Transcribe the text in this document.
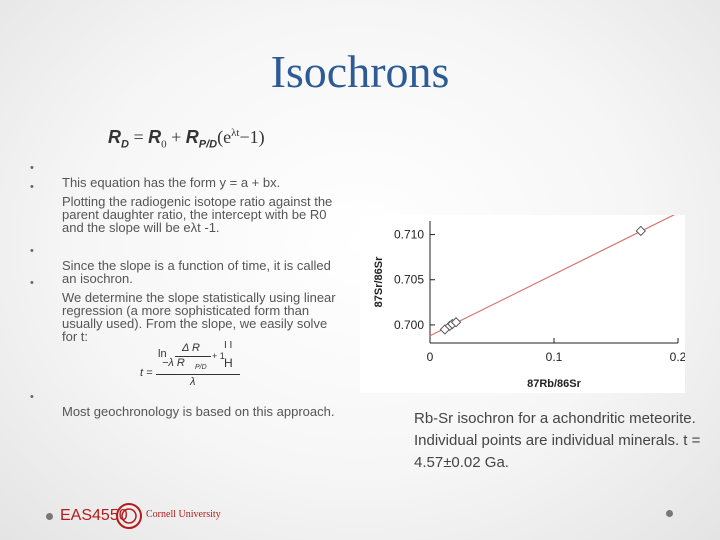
Isochrons
$R_D = R_0 + R_{P/D}(e^{\lambda t}-1)$
•
This equation has the form y = a + bx.
•
Plotting the radiogenic isotope ratio against the parent daughter ratio, the intercept with be R0 and the slope will be eλt -1.
•
Since the slope is a function of time, it is called an isochron.
•
We determine the slope statistically using linear regression (a more sophisticated form than usually used). From the slope, we easily solve for t:
•
Most geochronology is based on this approach.
ln Δ R
−λ R P/D
+ 1 H
I I
t =
λ
0.700
0.705
0.710
0	0.1	0.2
87Rb/86Sr
87Sr/86Sr
Rb-Sr isochron for a achondritic meteorite. Individual points are individual minerals. t = 4.57±0.02 Ga.
EAS4550 Cornell University
